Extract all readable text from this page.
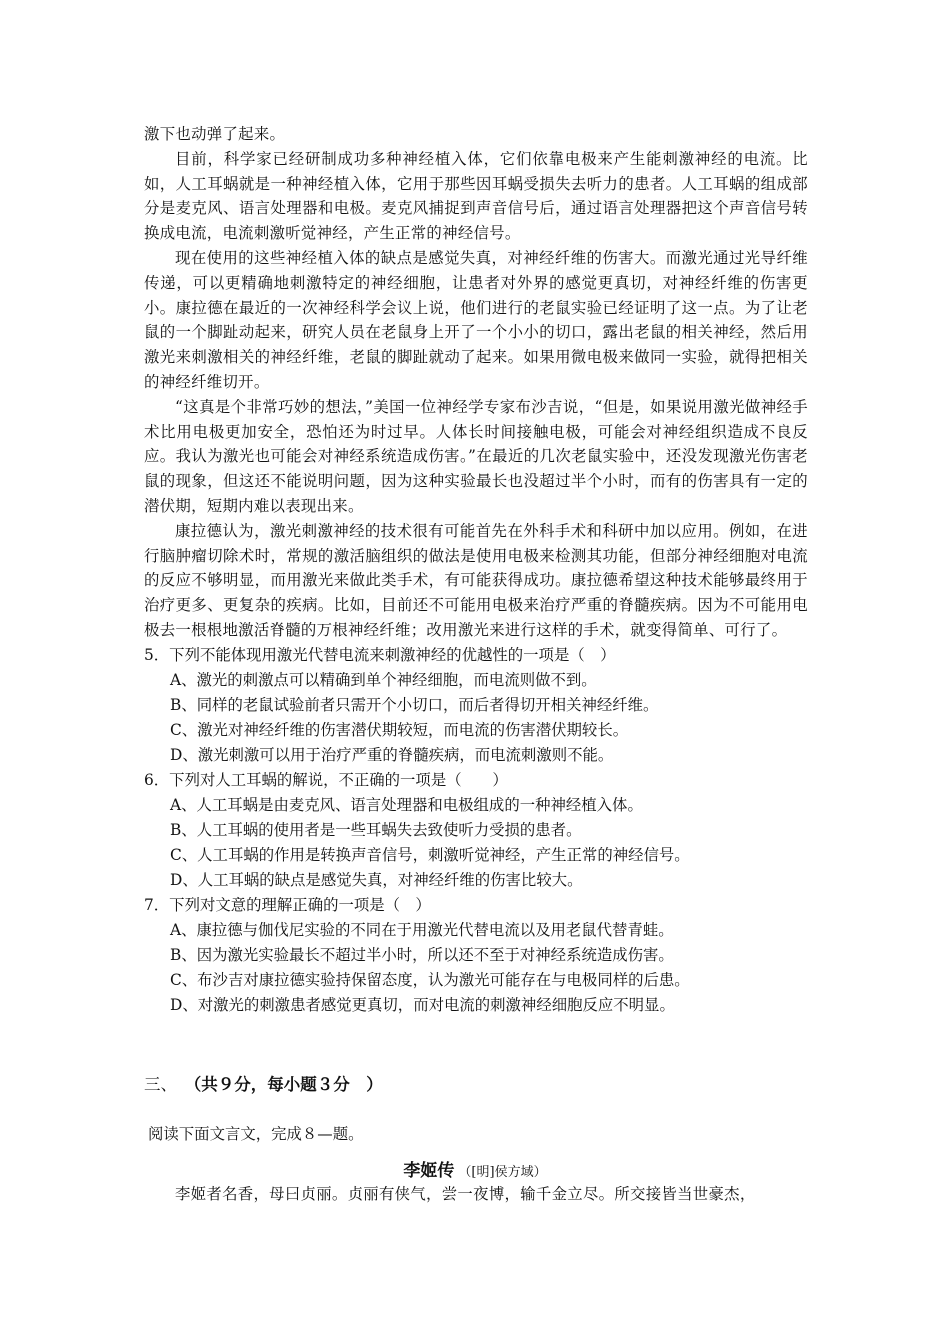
激下也动弹了起来。

目前，科学家已经研制成功多种神经植入体，它们依靠电极来产生能刺激神经的电流。比如，人工耳蜗就是一种神经植入体，它用于那些因耳蜗受损失去听力的患者。人工耳蜗的组成部分是麦克风、语言处理器和电极。麦克风捕捉到声音信号后，通过语言处理器把这个声音信号转换成电流，电流刺激听觉神经，产生正常的神经信号。

现在使用的这些神经植入体的缺点是感觉失真，对神经纤维的伤害大。而激光通过光导纤维传递，可以更精确地刺激特定的神经细胞，让患者对外界的感觉更真切，对神经纤维的伤害更小。康拉德在最近的一次神经科学会议上说，他们进行的老鼠实验已经证明了这一点。为了让老鼠的一个脚趾动起来，研究人员在老鼠身上开了一个小小的切口，露出老鼠的相关神经，然后用激光来刺激相关的神经纤维，老鼠的脚趾就动了起来。如果用微电极来做同一实验，就得把相关的神经纤维切开。

“这真是个非常巧妙的想法，”美国一位神经学专家布沙吉说，“但是，如果说用激光做神经手术比用电极更加安全，恐怕还为时过早。人体长时间接触电极，可能会对神经组织造成不良反应。我认为激光也可能会对神经系统造成伤害。”在最近的几次老鼠实验中，还没发现激光伤害老鼠的现象，但这还不能说明问题，因为这种实验最长也没超过半个小时，而有的伤害具有一定的潜伏期，短期内难以表现出来。

康拉德认为，激光刺激神经的技术很有可能首先在外科手术和科研中加以应用。例如，在进行脑肿瘤切除术时，常规的激活脑组织的做法是使用电极来检测其功能，但部分神经细胞对电流的反应不够明显，而用激光来做此类手术，有可能获得成功。康拉德希望这种技术能够最终用于治疗更多、更复杂的疾病。比如，目前还不可能用电极来治疗严重的脊髓疾病。因为不可能用电极去一根根地激活脊髓的万根神经纤维；改用激光来进行这样的手术，就变得简单、可行了。

5．下列不能体现用激光代替电流来刺激神经的优越性的一项是（　）

A、激光的刺激点可以精确到单个神经细胞，而电流则做不到。

B、同样的老鼠试验前者只需开个小切口，而后者得切开相关神经纤维。

C、激光对神经纤维的伤害潜伏期较短，而电流的伤害潜伏期较长。

D、激光刺激可以用于治疗严重的脊髓疾病，而电流刺激则不能。

6．下列对人工耳蜗的解说，不正确的一项是（　　）

A、人工耳蜗是由麦克风、语言处理器和电极组成的一种神经植入体。

B、人工耳蜗的使用者是一些耳蜗失去致使听力受损的患者。

C、人工耳蜗的作用是转换声音信号，刺激听觉神经，产生正常的神经信号。

D、人工耳蜗的缺点是感觉失真，对神经纤维的伤害比较大。

7．下列对文意的理解正确的一项是（　）

A、康拉德与伽伐尼实验的不同在于用激光代替电流以及用老鼠代替青蛙。

B、因为激光实验最长不超过半小时，所以还不至于对神经系统造成伤害。

C、布沙吉对康拉德实验持保留态度，认为激光可能存在与电极同样的后患。

D、对激光的刺激患者感觉更真切，而对电流的刺激神经细胞反应不明显。

三、 （共９分，每小题３分　）
阅读下面文言文，完成８—题。
李姬传 （[明]侯方域）

李姬者名香，母曰贞丽。贞丽有侠气，尝一夜博，输千金立尽。所交接皆当世豪杰，
